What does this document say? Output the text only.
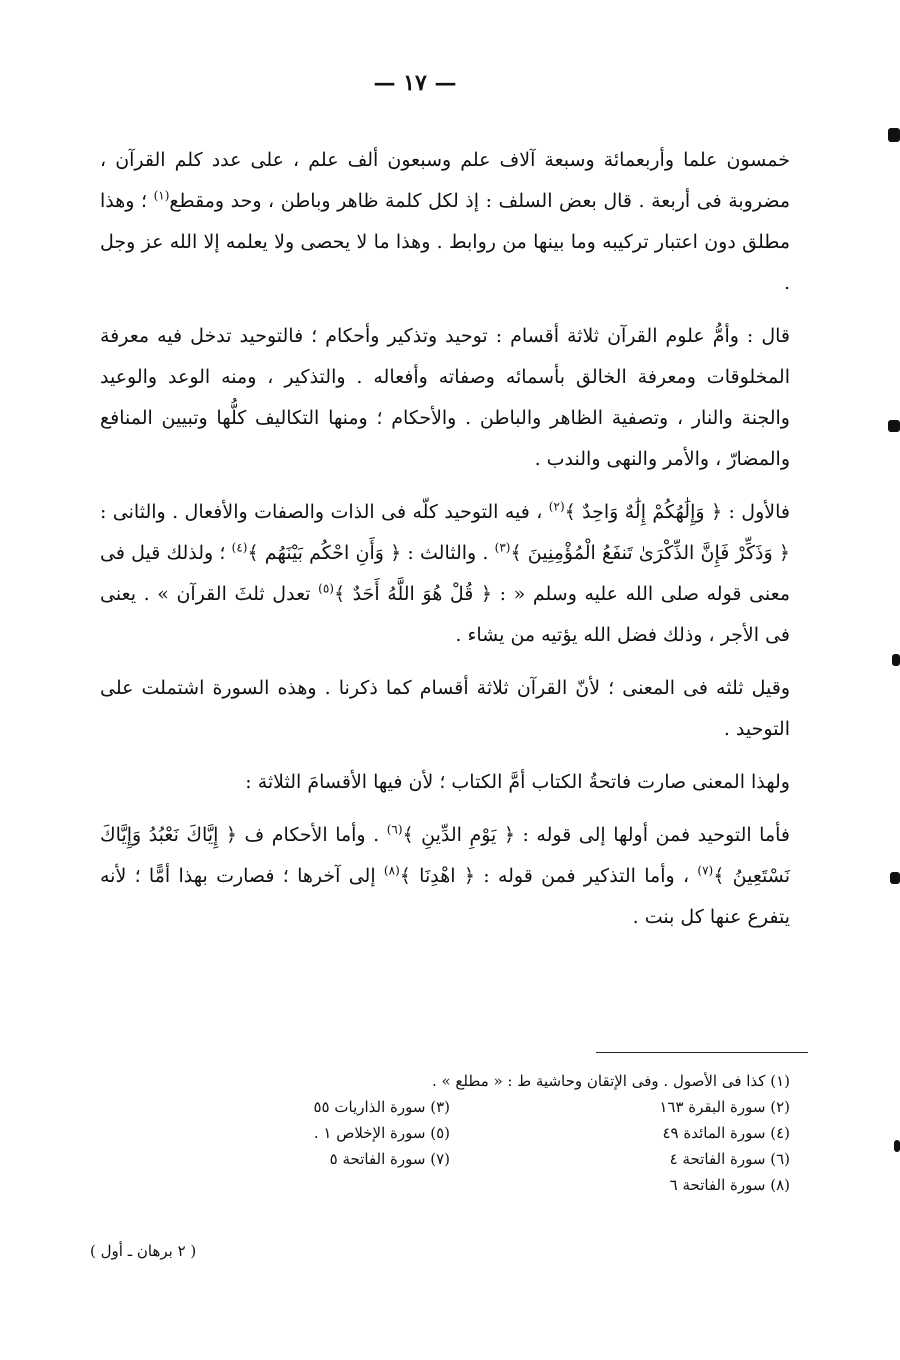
— ١٧ —

خمسون علما وأربعمائة وسبعة آلاف علم وسبعون ألف علم ، على عدد كلم القرآن ، مضروبة فى أربعة . قال بعض السلف : إذ لكل كلمة ظاهر وباطن ، وحد ومقطع$^{(١)}$ ؛ وهذا مطلق دون اعتبار تركيبه وما بينها من روابط . وهذا ما لا يحصى ولا يعلمه إلا الله عز وجل .

قال : وأمُّ علوم القرآن ثلاثة أقسام : توحيد وتذكير وأحكام ؛ فالتوحيد تدخل فيه معرفة المخلوقات ومعرفة الخالق بأسمائه وصفاته وأفعاله . والتذكير ، ومنه الوعد والوعيد والجنة والنار ، وتصفية الظاهر والباطن . والأحكام ؛ ومنها التكاليف كلُّها وتبيين المنافع والمضارّ ، والأمر والنهى والندب .

فالأول : ﴿ وَإِلَٰهُكُمْ إِلَٰهٌ وَاحِدٌ ﴾$^{(٢)}$ ، فيه التوحيد كلّه فى الذات والصفات والأفعال . والثانى : ﴿ وَذَكِّرْ فَإِنَّ الذِّكْرَىٰ تَنفَعُ الْمُؤْمِنِينَ ﴾$^{(٣)}$ . والثالث : ﴿ وَأَنِ احْكُم بَيْنَهُم ﴾$^{(٤)}$ ؛ ولذلك قيل فى معنى قوله صلى الله عليه وسلم « : ﴿ قُلْ هُوَ اللَّهُ أَحَدٌ ﴾$^{(٥)}$ تعدل ثلثَ القرآن » . يعنى فى الأجر ، وذلك فضل الله يؤتيه من يشاء .

وقيل ثلثه فى المعنى ؛ لأنّ القرآن ثلاثة أقسام كما ذكرنا . وهذه السورة اشتملت على التوحيد .

ولهذا المعنى صارت فاتحةُ الكتاب أمَّ الكتاب ؛ لأن فيها الأقسامَ الثلاثة :

فأما التوحيد فمن أولها إلى قوله : ﴿ يَوْمِ الدِّينِ ﴾$^{(٦)}$ . وأما الأحكام ف ﴿ إِيَّاكَ نَعْبُدُ وَإِيَّاكَ نَسْتَعِينُ ﴾$^{(٧)}$ ، وأما التذكير فمن قوله : ﴿ اهْدِنَا ﴾$^{(٨)}$ إلى آخرها ؛ فصارت بهذا أمًّا ؛ لأنه يتفرع عنها كل بنت .

(١) كذا فى الأصول . وفى الإتقان وحاشية ط : « مطلع » .
(٢) سورة البقرة ١٦٣
(٣) سورة الذاريات ٥٥
(٤) سورة المائدة ٤٩
(٥) سورة الإخلاص ١ .
(٦) سورة الفاتحة ٤
(٧) سورة الفاتحة ٥
(٨) سورة الفاتحة ٦
( ٢ برهان ـ أول )
